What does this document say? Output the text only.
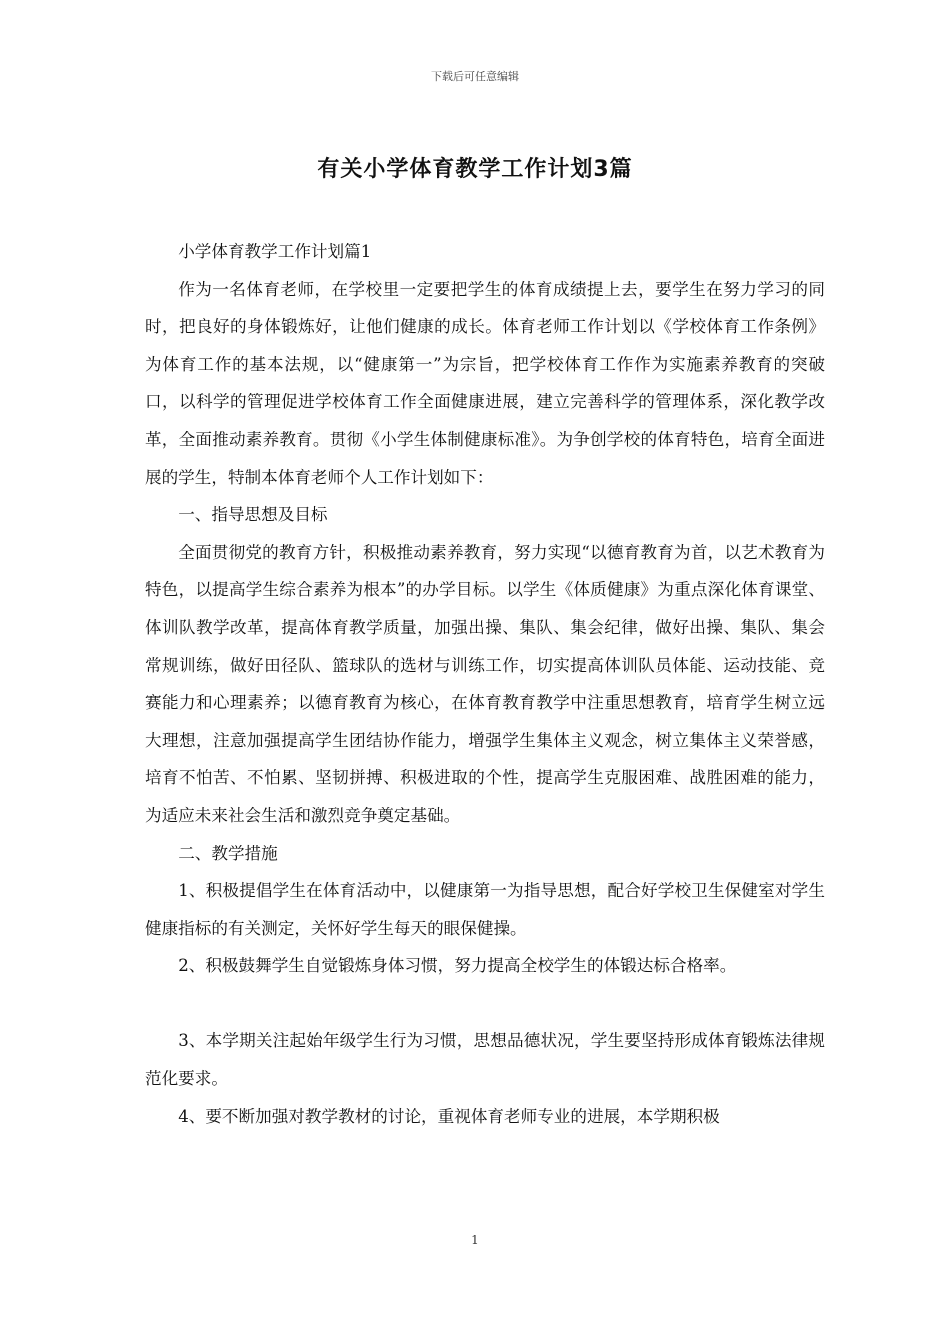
下载后可任意编辑
有关小学体育教学工作计划3篇

小学体育教学工作计划篇1

作为一名体育老师，在学校里一定要把学生的体育成绩提上去，要学生在努力学习的同时，把良好的身体锻炼好，让他们健康的成长。体育老师工作计划以《学校体育工作条例》为体育工作的基本法规，以“健康第一”为宗旨，把学校体育工作作为实施素养教育的突破口，以科学的管理促进学校体育工作全面健康进展，建立完善科学的管理体系，深化教学改革，全面推动素养教育。贯彻《小学生体制健康标准》。为争创学校的体育特色，培育全面进展的学生，特制本体育老师个人工作计划如下：

一、指导思想及目标

全面贯彻党的教育方针，积极推动素养教育，努力实现“以德育教育为首，以艺术教育为特色，以提高学生综合素养为根本”的办学目标。以学生《体质健康》为重点深化体育课堂、体训队教学改革，提高体育教学质量，加强出操、集队、集会纪律，做好出操、集队、集会常规训练，做好田径队、篮球队的选材与训练工作，切实提高体训队员体能、运动技能、竞赛能力和心理素养；以德育教育为核心，在体育教育教学中注重思想教育，培育学生树立远大理想，注意加强提高学生团结协作能力，增强学生集体主义观念，树立集体主义荣誉感，培育不怕苦、不怕累、坚韧拼搏、积极进取的个性，提高学生克服困难、战胜困难的能力，为适应未来社会生活和激烈竞争奠定基础。

二、教学措施

1、积极提倡学生在体育活动中，以健康第一为指导思想，配合好学校卫生保健室对学生健康指标的有关测定，关怀好学生每天的眼保健操。

2、积极鼓舞学生自觉锻炼身体习惯，努力提高全校学生的体锻达标合格率。

3、本学期关注起始年级学生行为习惯，思想品德状况，学生要坚持形成体育锻炼法律规范化要求。

4、要不断加强对教学教材的讨论，重视体育老师专业的进展，本学期积极

1
